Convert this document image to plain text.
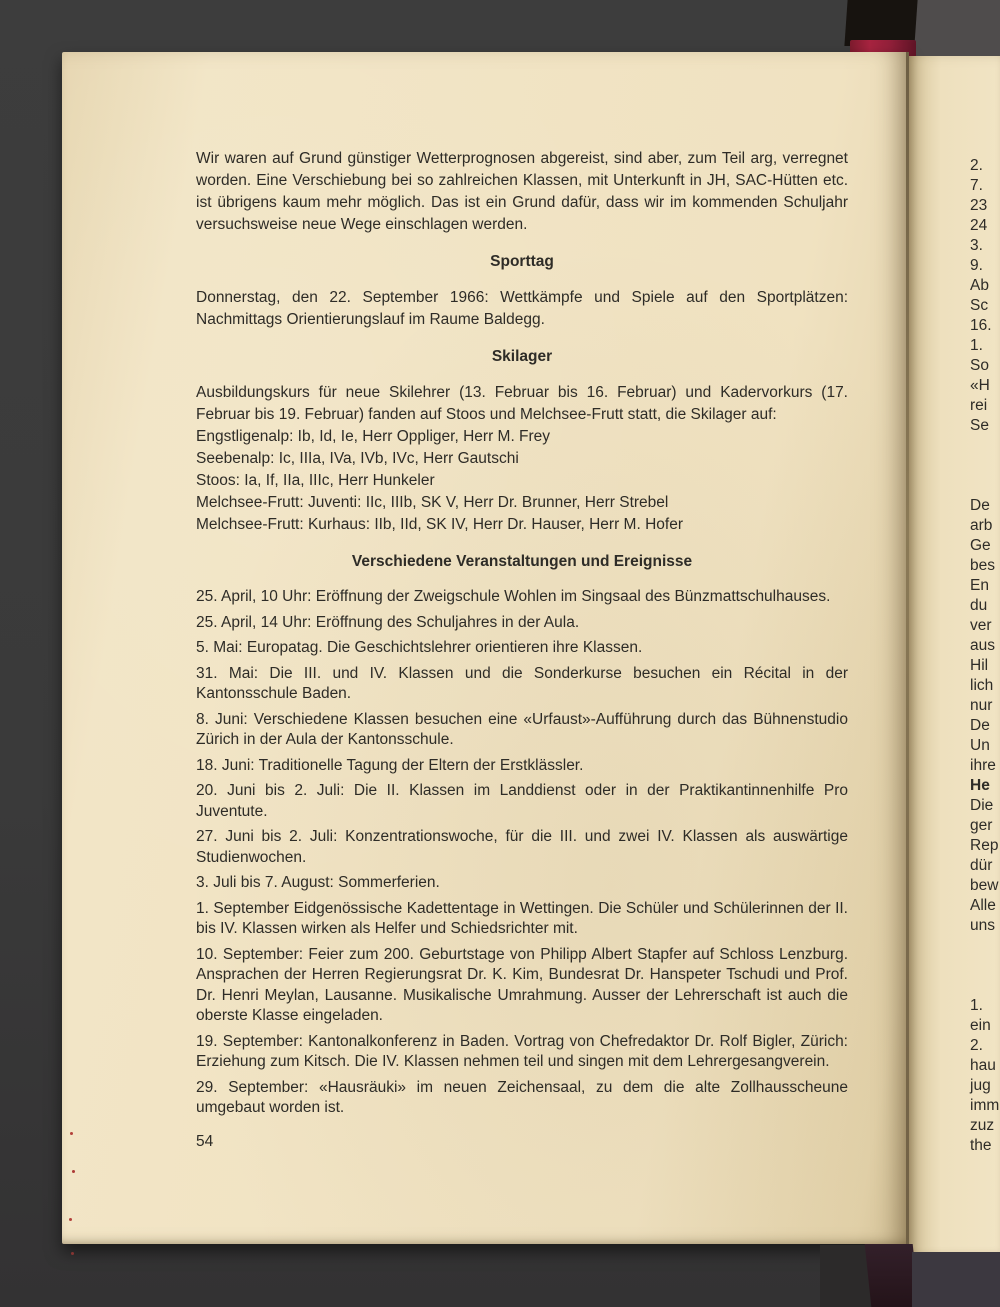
Wir waren auf Grund günstiger Wetterprognosen abgereist, sind aber, zum Teil arg, verregnet worden. Eine Verschiebung bei so zahlreichen Klassen, mit Unterkunft in JH, SAC-Hütten etc. ist übrigens kaum mehr möglich. Das ist ein Grund dafür, dass wir im kommenden Schuljahr versuchsweise neue Wege einschlagen werden.

Sporttag

Donnerstag, den 22. September 1966: Wettkämpfe und Spiele auf den Sportplätzen: Nachmittags Orientierungslauf im Raume Baldegg.

Skilager

Ausbildungskurs für neue Skilehrer (13. Februar bis 16. Februar) und Kadervorkurs (17. Februar bis 19. Februar) fanden auf Stoos und Melchsee-Frutt statt, die Skilager auf:

Engstligenalp: Ib, Id, Ie, Herr Oppliger, Herr M. Frey

Seebenalp: Ic, IIIa, IVa, IVb, IVc, Herr Gautschi

Stoos: Ia, If, IIa, IIIc, Herr Hunkeler

Melchsee-Frutt: Juventi: IIc, IIIb, SK V, Herr Dr. Brunner, Herr Strebel

Melchsee-Frutt: Kurhaus: IIb, IId, SK IV, Herr Dr. Hauser, Herr M. Hofer

Verschiedene Veranstaltungen und Ereignisse

25. April, 10 Uhr: Eröffnung der Zweigschule Wohlen im Singsaal des Bünzmattschulhauses.

25. April, 14 Uhr: Eröffnung des Schuljahres in der Aula.

5. Mai: Europatag. Die Geschichtslehrer orientieren ihre Klassen.

31. Mai: Die III. und IV. Klassen und die Sonderkurse besuchen ein Récital in der Kantonsschule Baden.

8. Juni: Verschiedene Klassen besuchen eine «Urfaust»-Aufführung durch das Bühnenstudio Zürich in der Aula der Kantonsschule.

18. Juni: Traditionelle Tagung der Eltern der Erstklässler.

20. Juni bis 2. Juli: Die II. Klassen im Landdienst oder in der Praktikantinnenhilfe Pro Juventute.

27. Juni bis 2. Juli: Konzentrationswoche, für die III. und zwei IV. Klassen als auswärtige Studienwochen.

3. Juli bis 7. August: Sommerferien.

1. September Eidgenössische Kadettentage in Wettingen. Die Schüler und Schülerinnen der II. bis IV. Klassen wirken als Helfer und Schiedsrichter mit.

10. September: Feier zum 200. Geburtstage von Philipp Albert Stapfer auf Schloss Lenzburg. Ansprachen der Herren Regierungsrat Dr. K. Kim, Bundesrat Dr. Hanspeter Tschudi und Prof. Dr. Henri Meylan, Lausanne. Musikalische Umrahmung. Ausser der Lehrerschaft ist auch die oberste Klasse eingeladen.

19. September: Kantonalkonferenz in Baden. Vortrag von Chefredaktor Dr. Rolf Bigler, Zürich: Erziehung zum Kitsch. Die IV. Klassen nehmen teil und singen mit dem Lehrergesangverein.

29. September: «Hausräuki» im neuen Zeichensaal, zu dem die alte Zollhausscheune umgebaut worden ist.

54
2.
7.
23
24
3.
9.
Ab
Sc
16.
1.
So
«H
rei
Se
De
arb
Ge
bes
En
du
ver
aus
Hil
lich
nur
De
Un
ihre
He
Die
ger
Rep
dür
bew
Alle
uns
1.
ein
2.
hau
jug
imm
zuz
the
